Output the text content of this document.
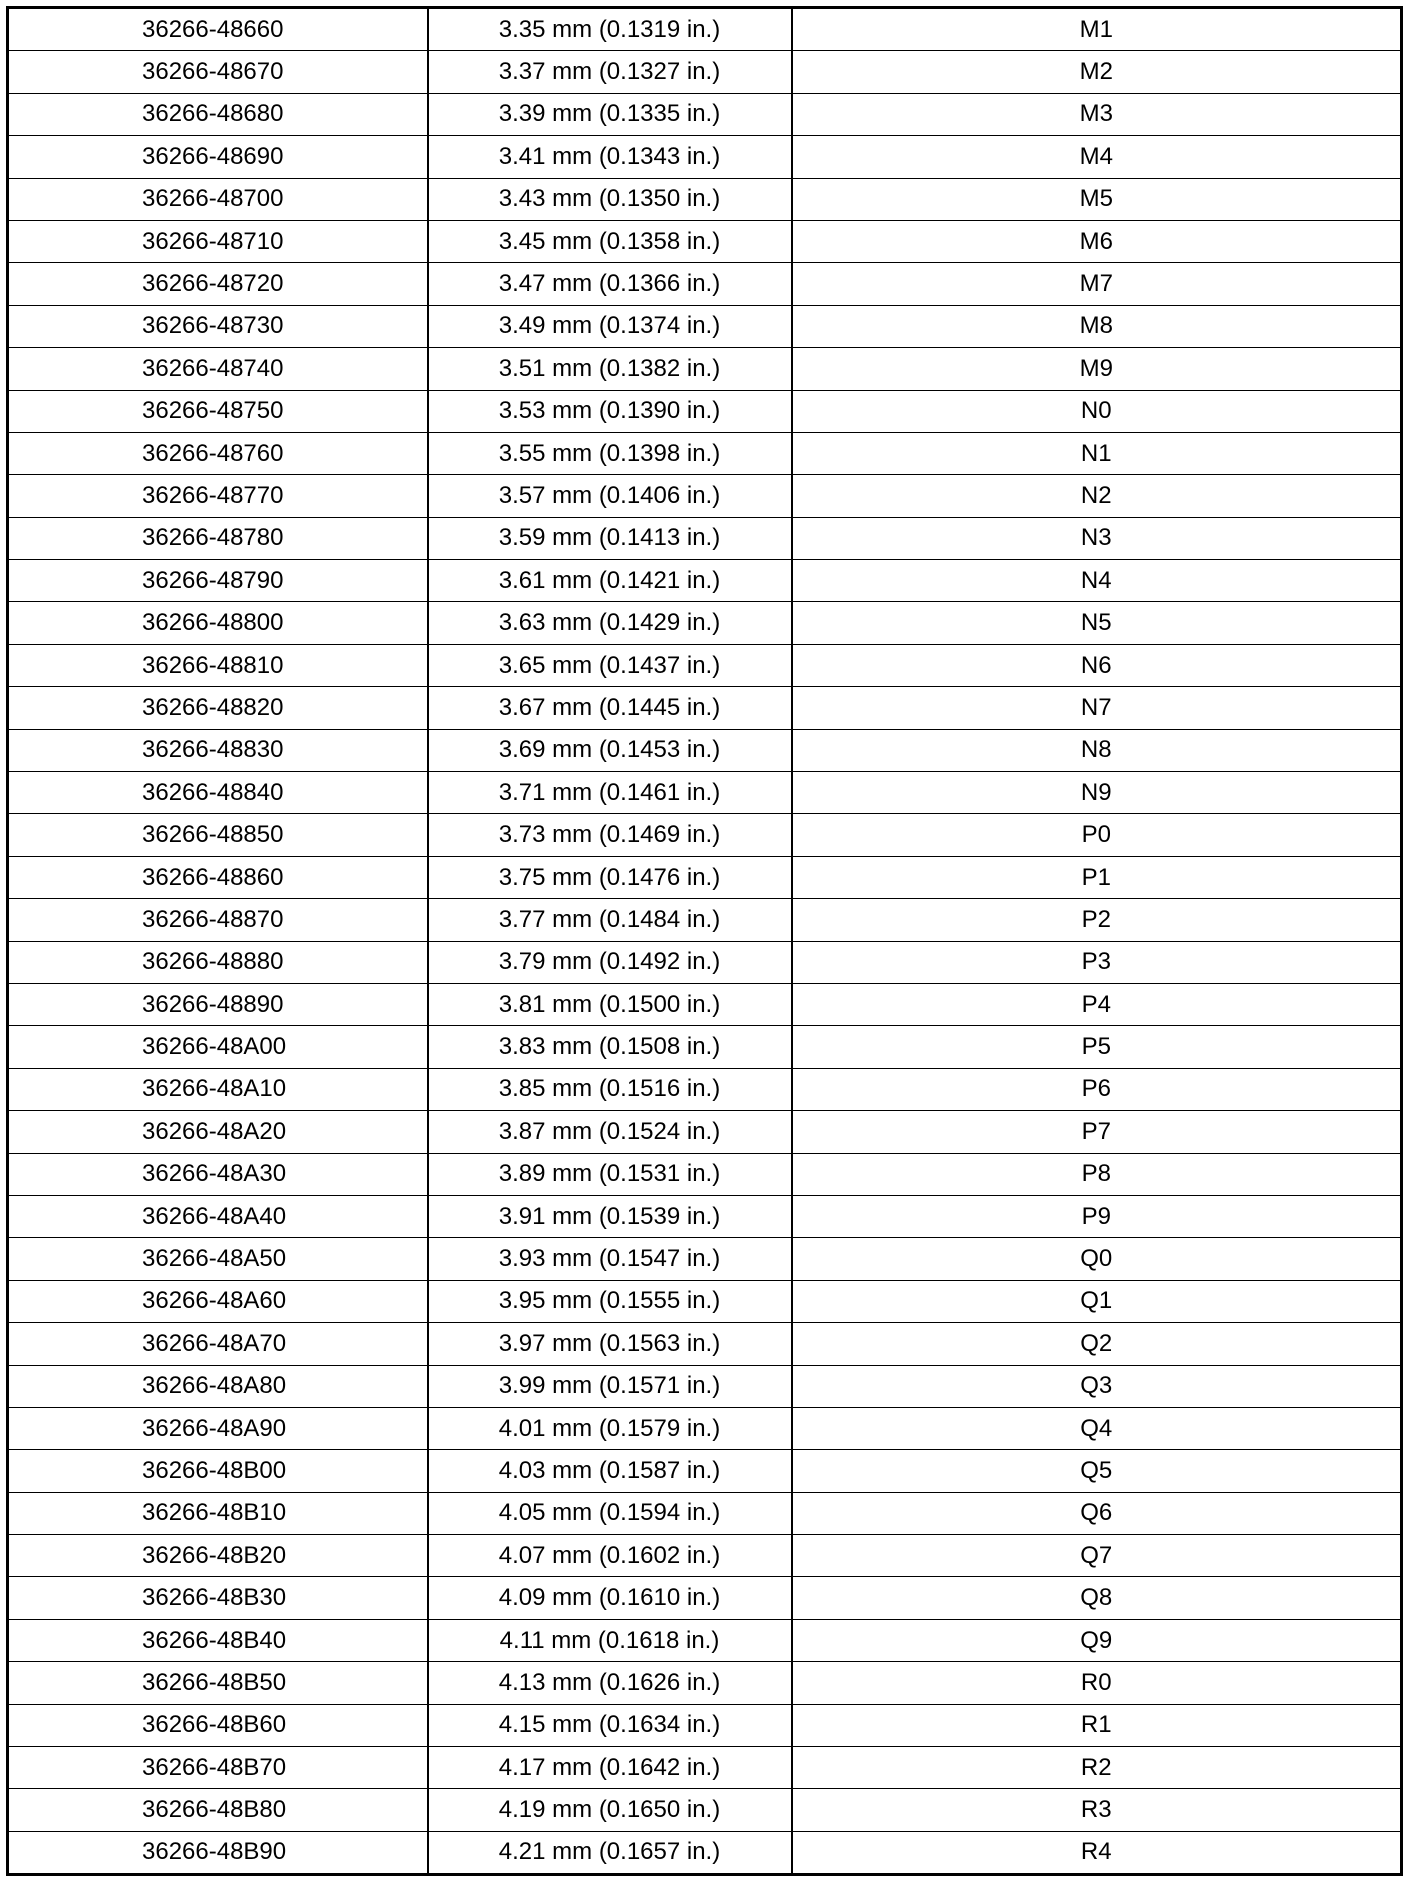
36266-48660	3.35 mm (0.1319 in.)	M1
36266-48670	3.37 mm (0.1327 in.)	M2
36266-48680	3.39 mm (0.1335 in.)	M3
36266-48690	3.41 mm (0.1343 in.)	M4
36266-48700	3.43 mm (0.1350 in.)	M5
36266-48710	3.45 mm (0.1358 in.)	M6
36266-48720	3.47 mm (0.1366 in.)	M7
36266-48730	3.49 mm (0.1374 in.)	M8
36266-48740	3.51 mm (0.1382 in.)	M9
36266-48750	3.53 mm (0.1390 in.)	N0
36266-48760	3.55 mm (0.1398 in.)	N1
36266-48770	3.57 mm (0.1406 in.)	N2
36266-48780	3.59 mm (0.1413 in.)	N3
36266-48790	3.61 mm (0.1421 in.)	N4
36266-48800	3.63 mm (0.1429 in.)	N5
36266-48810	3.65 mm (0.1437 in.)	N6
36266-48820	3.67 mm (0.1445 in.)	N7
36266-48830	3.69 mm (0.1453 in.)	N8
36266-48840	3.71 mm (0.1461 in.)	N9
36266-48850	3.73 mm (0.1469 in.)	P0
36266-48860	3.75 mm (0.1476 in.)	P1
36266-48870	3.77 mm (0.1484 in.)	P2
36266-48880	3.79 mm (0.1492 in.)	P3
36266-48890	3.81 mm (0.1500 in.)	P4
36266-48A00	3.83 mm (0.1508 in.)	P5
36266-48A10	3.85 mm (0.1516 in.)	P6
36266-48A20	3.87 mm (0.1524 in.)	P7
36266-48A30	3.89 mm (0.1531 in.)	P8
36266-48A40	3.91 mm (0.1539 in.)	P9
36266-48A50	3.93 mm (0.1547 in.)	Q0
36266-48A60	3.95 mm (0.1555 in.)	Q1
36266-48A70	3.97 mm (0.1563 in.)	Q2
36266-48A80	3.99 mm (0.1571 in.)	Q3
36266-48A90	4.01 mm (0.1579 in.)	Q4
36266-48B00	4.03 mm (0.1587 in.)	Q5
36266-48B10	4.05 mm (0.1594 in.)	Q6
36266-48B20	4.07 mm (0.1602 in.)	Q7
36266-48B30	4.09 mm (0.1610 in.)	Q8
36266-48B40	4.11 mm (0.1618 in.)	Q9
36266-48B50	4.13 mm (0.1626 in.)	R0
36266-48B60	4.15 mm (0.1634 in.)	R1
36266-48B70	4.17 mm (0.1642 in.)	R2
36266-48B80	4.19 mm (0.1650 in.)	R3
36266-48B90	4.21 mm (0.1657 in.)	R4
